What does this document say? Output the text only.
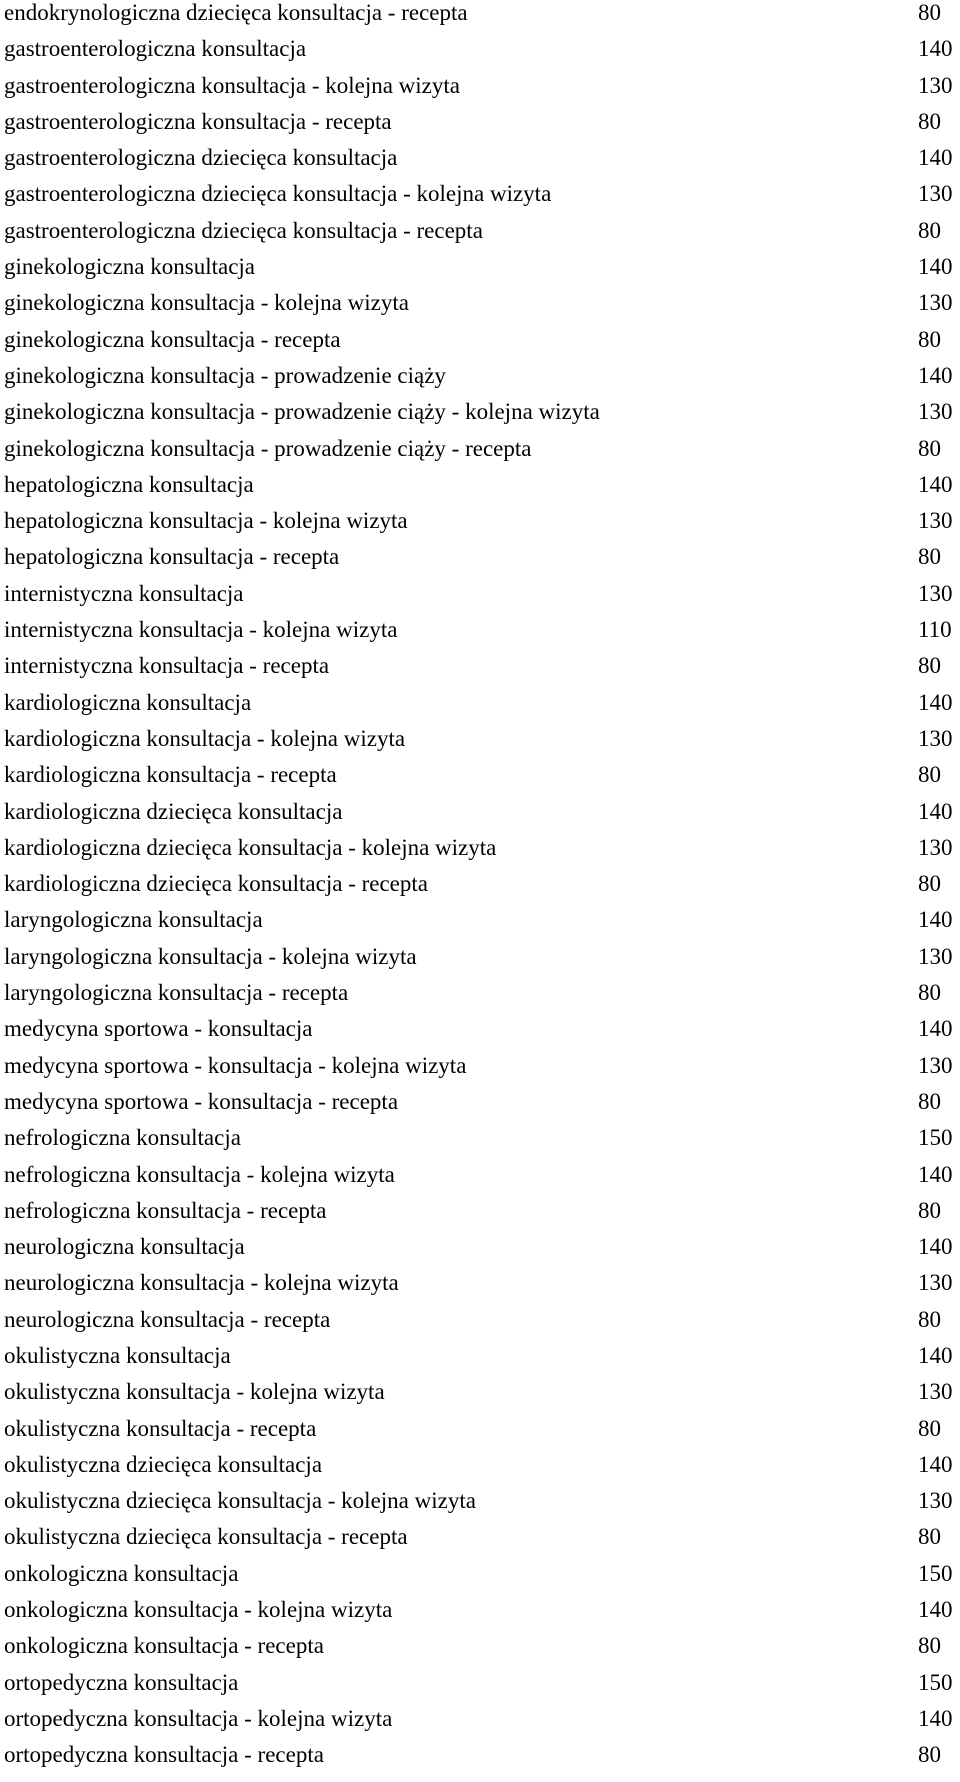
endokrynologiczna dziecięca konsultacja - recepta	80
gastroenterologiczna konsultacja	140
gastroenterologiczna konsultacja - kolejna wizyta	130
gastroenterologiczna konsultacja - recepta	80
gastroenterologiczna dziecięca konsultacja	140
gastroenterologiczna dziecięca konsultacja - kolejna wizyta	130
gastroenterologiczna dziecięca konsultacja - recepta	80
ginekologiczna konsultacja	140
ginekologiczna konsultacja - kolejna wizyta	130
ginekologiczna konsultacja - recepta	80
ginekologiczna konsultacja - prowadzenie ciąży	140
ginekologiczna konsultacja - prowadzenie ciąży - kolejna wizyta	130
ginekologiczna konsultacja - prowadzenie ciąży - recepta	80
hepatologiczna konsultacja	140
hepatologiczna konsultacja - kolejna wizyta	130
hepatologiczna konsultacja - recepta	80
internistyczna konsultacja	130
internistyczna konsultacja - kolejna wizyta	110
internistyczna konsultacja - recepta	80
kardiologiczna konsultacja	140
kardiologiczna konsultacja - kolejna wizyta	130
kardiologiczna konsultacja - recepta	80
kardiologiczna dziecięca konsultacja	140
kardiologiczna dziecięca konsultacja - kolejna wizyta	130
kardiologiczna dziecięca konsultacja - recepta	80
laryngologiczna konsultacja	140
laryngologiczna konsultacja - kolejna wizyta	130
laryngologiczna konsultacja - recepta	80
medycyna sportowa - konsultacja	140
medycyna sportowa - konsultacja - kolejna wizyta	130
medycyna sportowa - konsultacja - recepta	80
nefrologiczna konsultacja	150
nefrologiczna konsultacja - kolejna wizyta	140
nefrologiczna konsultacja - recepta	80
neurologiczna konsultacja	140
neurologiczna konsultacja - kolejna wizyta	130
neurologiczna konsultacja - recepta	80
okulistyczna konsultacja	140
okulistyczna konsultacja - kolejna wizyta	130
okulistyczna konsultacja - recepta	80
okulistyczna dziecięca konsultacja	140
okulistyczna dziecięca konsultacja - kolejna wizyta	130
okulistyczna dziecięca konsultacja - recepta	80
onkologiczna konsultacja	150
onkologiczna konsultacja - kolejna wizyta	140
onkologiczna konsultacja - recepta	80
ortopedyczna konsultacja	150
ortopedyczna konsultacja - kolejna wizyta	140
ortopedyczna konsultacja - recepta	80
